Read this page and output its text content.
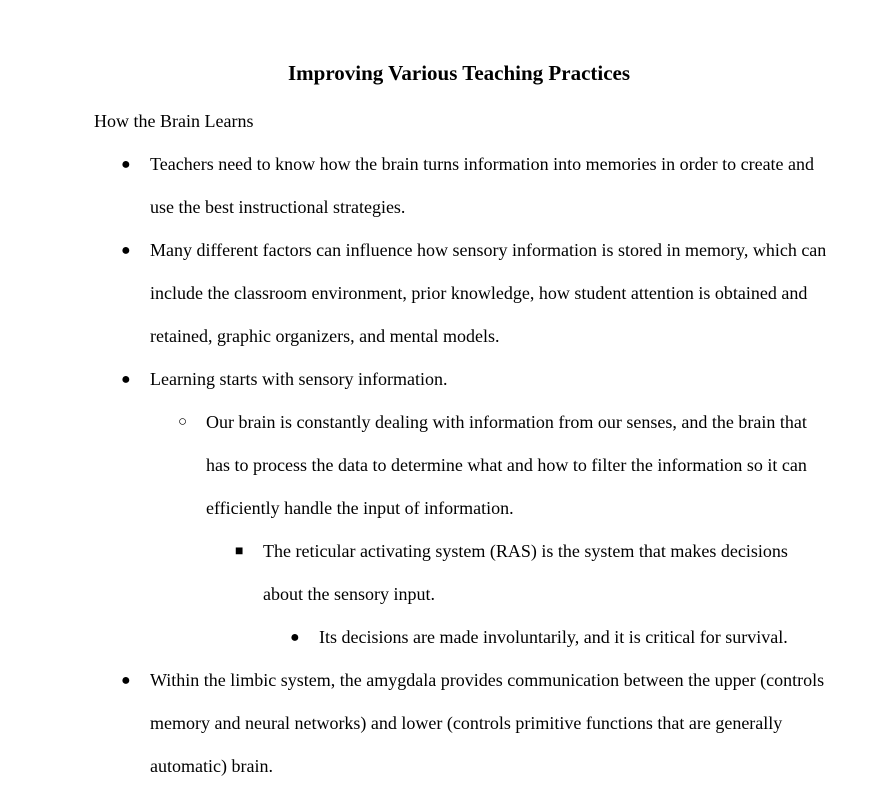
Improving Various Teaching Practices
How the Brain Learns
● Teachers need to know how the brain turns information into memories in order to create and use the best instructional strategies.
● Many different factors can influence how sensory information is stored in memory, which can include the classroom environment, prior knowledge, how student attention is obtained and retained, graphic organizers, and mental models.
● Learning starts with sensory information.
○ Our brain is constantly dealing with information from our senses, and the brain that has to process the data to determine what and how to filter the information so it can efficiently handle the input of information.
■ The reticular activating system (RAS) is the system that makes decisions about the sensory input.
● Its decisions are made involuntarily, and it is critical for survival.
● Within the limbic system, the amygdala provides communication between the upper (controls memory and neural networks) and lower (controls primitive functions that are generally automatic) brain.
